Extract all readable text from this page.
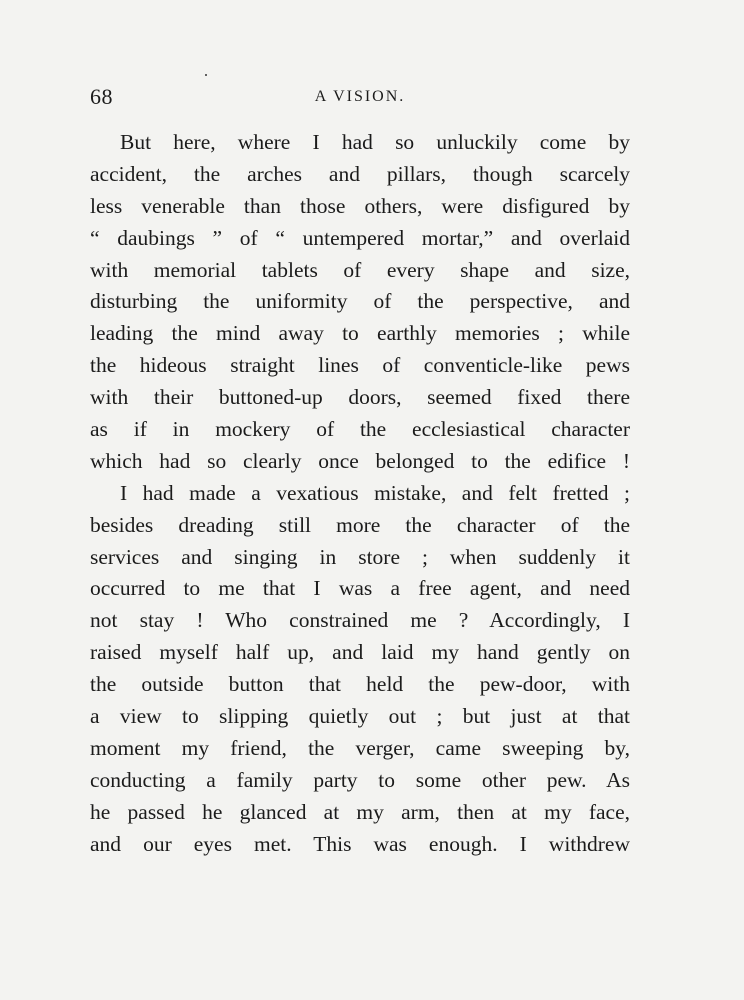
68	A VISION.
But here, where I had so unluckily come by
accident, the arches and pillars, though scarcely
less venerable than those others, were disfigured by
“ daubings ” of “ untempered mortar,” and overlaid
with memorial tablets of every shape and size,
disturbing the uniformity of the perspective, and
leading the mind away to earthly memories ; while
the hideous straight lines of conventicle-like pews
with their buttoned-up doors, seemed fixed there
as if in mockery of the ecclesiastical character
which had so clearly once belonged to the edifice !
I had made a vexatious mistake, and felt fretted ;
besides dreading still more the character of the
services and singing in store ; when suddenly it
occurred to me that I was a free agent, and need
not stay ! Who constrained me ? Accordingly, I
raised myself half up, and laid my hand gently on
the outside button that held the pew-door, with
a view to slipping quietly out ; but just at that
moment my friend, the verger, came sweeping by,
conducting a family party to some other pew. As
he passed he glanced at my arm, then at my face,
and our eyes met. This was enough. I withdrew
